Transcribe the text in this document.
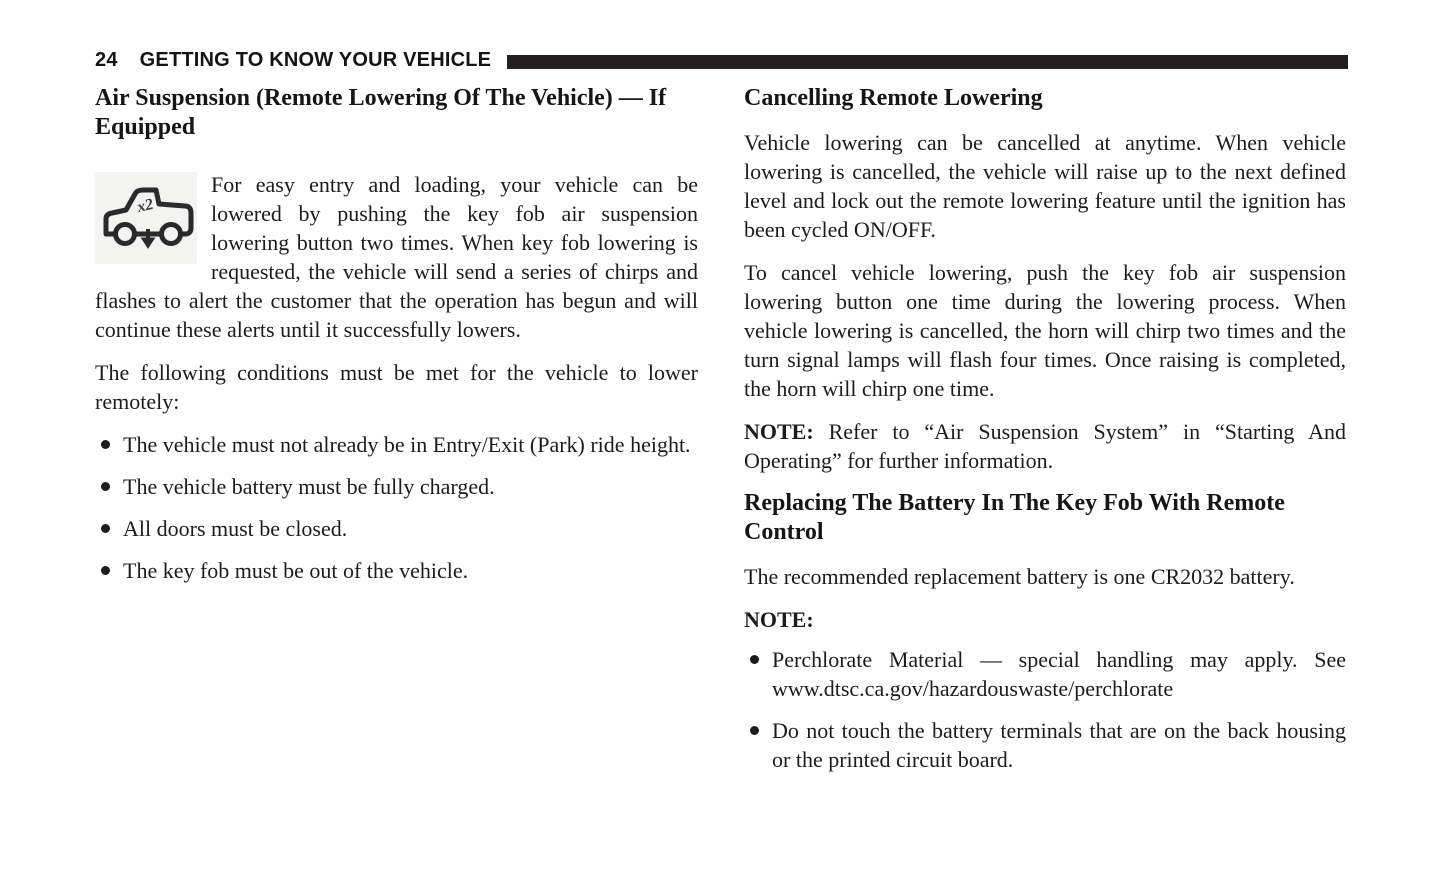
24 GETTING TO KNOW YOUR VEHICLE
Air Suspension (Remote Lowering Of The Vehicle) — If Equipped

x2
For easy entry and loading, your vehicle can be lowered by pushing the key fob air suspension lowering button two times. When key fob lowering is requested, the vehicle will send a series of chirps and flashes to alert the customer that the operation has begun and will continue these alerts until it successfully lowers.

The following conditions must be met for the vehicle to lower remotely:

The vehicle must not already be in Entry/Exit (Park) ride height.
The vehicle battery must be fully charged.
All doors must be closed.
The key fob must be out of the vehicle.
Cancelling Remote Lowering

Vehicle lowering can be cancelled at anytime. When vehicle lowering is cancelled, the vehicle will raise up to the next defined level and lock out the remote lowering feature until the ignition has been cycled ON/OFF.

To cancel vehicle lowering, push the key fob air suspension lowering button one time during the lowering process. When vehicle lowering is cancelled, the horn will chirp two times and the turn signal lamps will flash four times. Once raising is completed, the horn will chirp one time.

NOTE: Refer to “Air Suspension System” in “Starting And Operating” for further information.

Replacing The Battery In The Key Fob With Remote Control

The recommended replacement battery is one CR2032 battery.

NOTE:

Perchlorate Material — special handling may apply. See www.dtsc.ca.gov/hazardouswaste/perchlorate
Do not touch the battery terminals that are on the back housing or the printed circuit board.
